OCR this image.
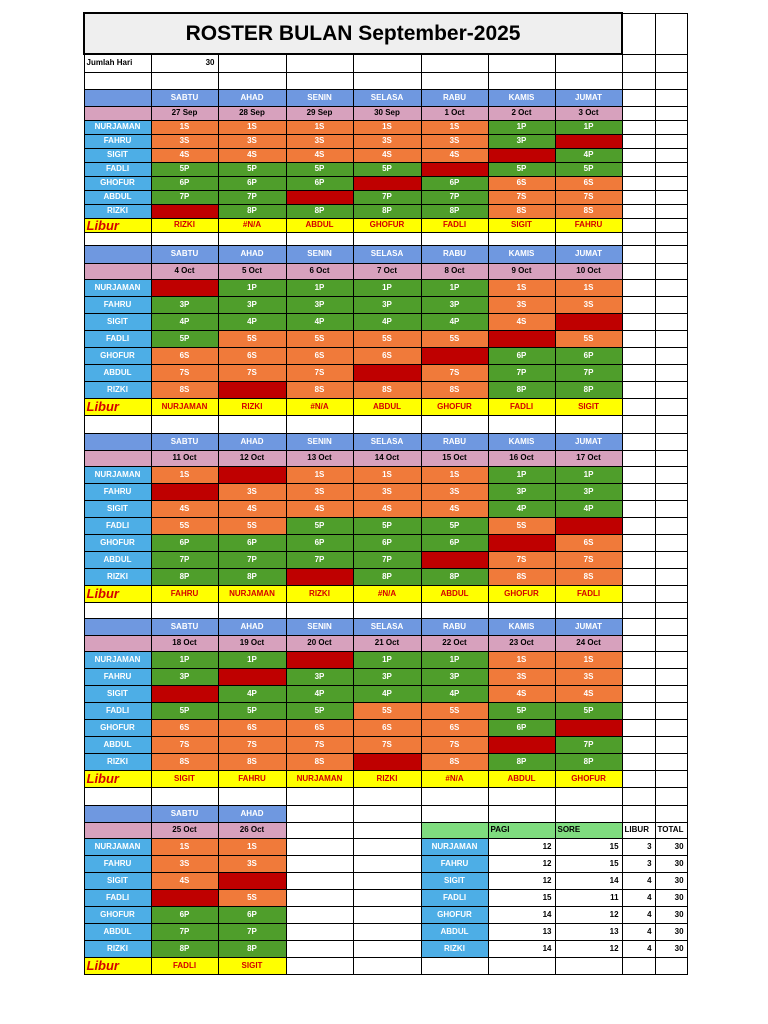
ROSTER BULAN September-2025									
Jumlah Hari	30								

	SABTU	AHAD	SENIN	SELASA	RABU	KAMIS	JUMAT		
	27 Sep	28 Sep	29 Sep	30 Sep	1 Oct	2 Oct	3 Oct		
NURJAMAN	1S	1S	1S	1S	1S	1P	1P		
FAHRU	3S	3S	3S	3S	3S	3P			
SIGIT	4S	4S	4S	4S	4S		4P		
FADLI	5P	5P	5P	5P		5P	5P		
GHOFUR	6P	6P	6P		6P	6S	6S		
ABDUL	7P	7P		7P	7P	7S	7S		
RIZKI		8P	8P	8P	8P	8S	8S		
Libur	RIZKI	#N/A	ABDUL	GHOFUR	FADLI	SIGIT	FAHRU		

	SABTU	AHAD	SENIN	SELASA	RABU	KAMIS	JUMAT		
	4 Oct	5 Oct	6 Oct	7 Oct	8 Oct	9 Oct	10 Oct		
NURJAMAN		1P	1P	1P	1P	1S	1S		
FAHRU	3P	3P	3P	3P	3P	3S	3S		
SIGIT	4P	4P	4P	4P	4P	4S			
FADLI	5P	5S	5S	5S	5S		5S		
GHOFUR	6S	6S	6S	6S		6P	6P		
ABDUL	7S	7S	7S		7S	7P	7P		
RIZKI	8S		8S	8S	8S	8P	8P		
Libur	NURJAMAN	RIZKI	#N/A	ABDUL	GHOFUR	FADLI	SIGIT		

	SABTU	AHAD	SENIN	SELASA	RABU	KAMIS	JUMAT		
	11 Oct	12 Oct	13 Oct	14 Oct	15 Oct	16 Oct	17 Oct		
NURJAMAN	1S		1S	1S	1S	1P	1P		
FAHRU		3S	3S	3S	3S	3P	3P		
SIGIT	4S	4S	4S	4S	4S	4P	4P		
FADLI	5S	5S	5P	5P	5P	5S			
GHOFUR	6P	6P	6P	6P	6P		6S		
ABDUL	7P	7P	7P	7P		7S	7S		
RIZKI	8P	8P		8P	8P	8S	8S		
Libur	FAHRU	NURJAMAN	RIZKI	#N/A	ABDUL	GHOFUR	FADLI		

	SABTU	AHAD	SENIN	SELASA	RABU	KAMIS	JUMAT		
	18 Oct	19 Oct	20 Oct	21 Oct	22 Oct	23 Oct	24 Oct		
NURJAMAN	1P	1P		1P	1P	1S	1S		
FAHRU	3P		3P	3P	3P	3S	3S		
SIGIT		4P	4P	4P	4P	4S	4S		
FADLI	5P	5P	5P	5S	5S	5P	5P		
GHOFUR	6S	6S	6S	6S	6S	6P			
ABDUL	7S	7S	7S	7S	7S		7P		
RIZKI	8S	8S	8S		8S	8P	8P		
Libur	SIGIT	FAHRU	NURJAMAN	RIZKI	#N/A	ABDUL	GHOFUR		

	SABTU	AHAD							
	25 Oct	26 Oct				PAGI	SORE	LIBUR	TOTAL
NURJAMAN	1S	1S			NURJAMAN	12	15	3	30
FAHRU	3S	3S			FAHRU	12	15	3	30
SIGIT	4S				SIGIT	12	14	4	30
FADLI		5S			FADLI	15	11	4	30
GHOFUR	6P	6P			GHOFUR	14	12	4	30
ABDUL	7P	7P			ABDUL	13	13	4	30
RIZKI	8P	8P			RIZKI	14	12	4	30
Libur	FADLI	SIGIT							
